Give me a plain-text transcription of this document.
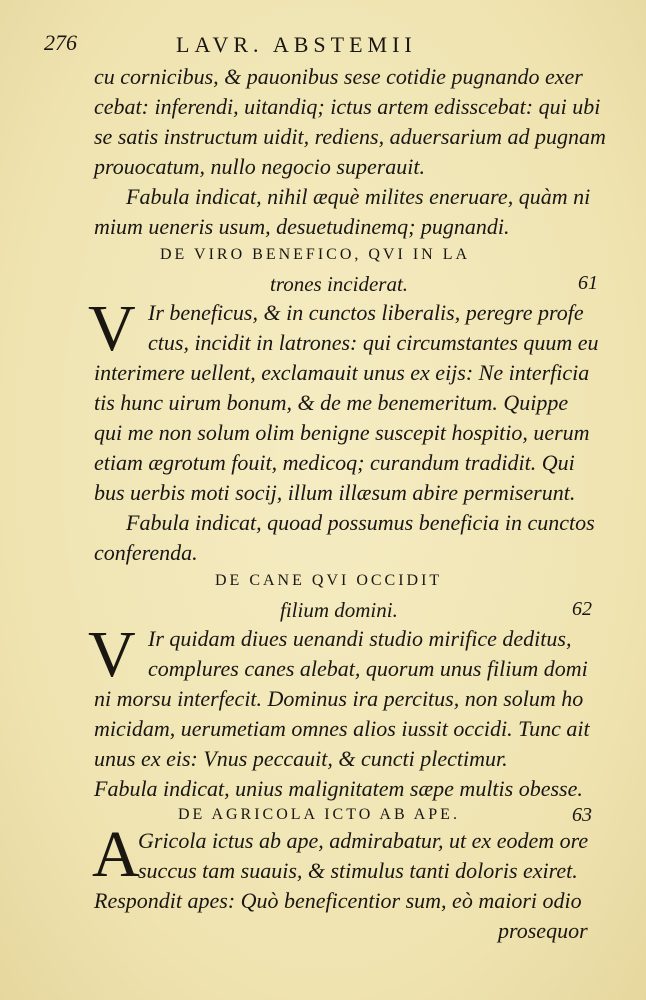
276	LAVR. ABSTEMII
cu cornicibus, & pauonibus sese cotidie pugnando exer
cebat: inferendi, uitandiq; ictus artem edisscebat: qui ubi
se satis instructum uidit, rediens, aduersarium ad pugnam
prouocatum, nullo negocio superauit.
Fabula indicat, nihil æquè milites eneruare, quàm ni
mium ueneris usum, desuetudinemq; pugnandi.
DE VIRO BENEFICO, QVI IN LA
trones inciderat.	61
V Ir beneficus, & in cunctos liberalis, peregre profe
ctus, incidit in latrones: qui circumstantes quum eu
interimere uellent, exclamauit unus ex eijs: Ne interficia
tis hunc uirum bonum, & de me benemeritum. Quippe
qui me non solum olim benigne suscepit hospitio, uerum
etiam ægrotum fouit, medicoq; curandum tradidit. Qui
bus uerbis moti socij, illum illæsum abire permiserunt.
Fabula indicat, quoad possumus beneficia in cunctos
conferenda.
DE CANE QVI OCCIDIT
filium domini.	62
V Ir quidam diues uenandi studio mirifice deditus,
complures canes alebat, quorum unus filium domi
ni morsu interfecit. Dominus ira percitus, non solum ho
micidam, uerumetiam omnes alios iussit occidi. Tunc ait
unus ex eis: Vnus peccauit, & cuncti plectimur.
Fabula indicat, unius malignitatem sæpe multis obesse.
DE AGRICOLA ICTO AB APE.	63
A
Gricola ictus ab ape, admirabatur, ut ex eodem ore
succus tam suauis, & stimulus tanti doloris exiret.
Respondit apes: Quò beneficentior sum, eò maiori odio
prosequor
